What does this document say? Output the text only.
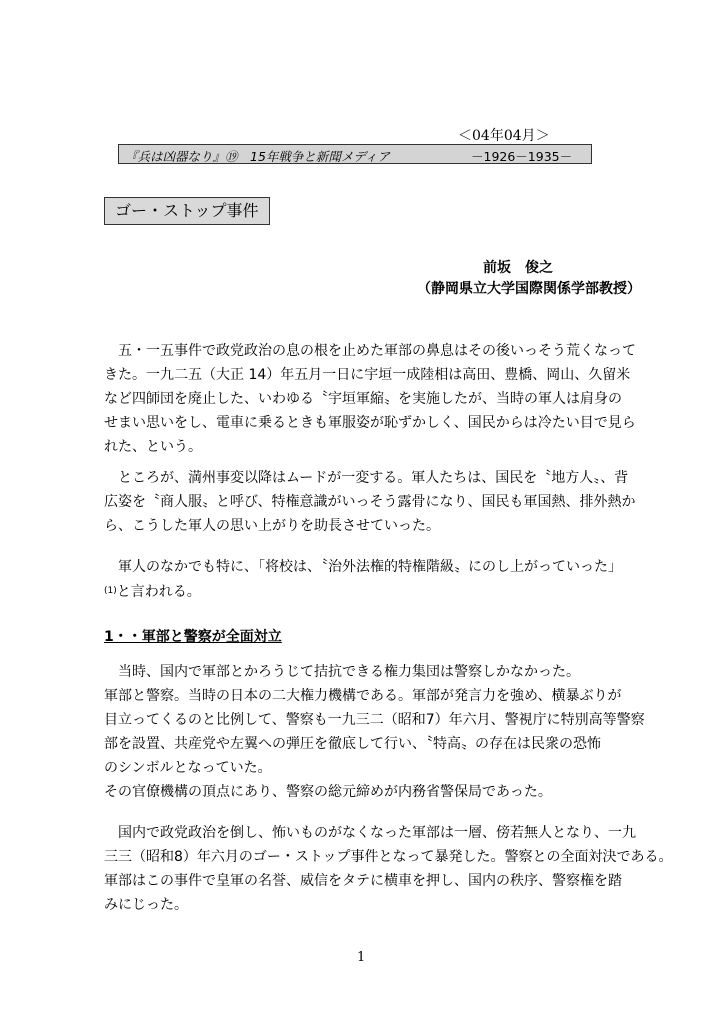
＜04年04月＞
『兵は凶器なり』⑲　15年戦争と新聞メディア	－1926－1935－
ゴー・ストップ事件
前坂　俊之
（静岡県立大学国際関係学部教授）
　五・一五事件で政党政治の息の根を止めた軍部の鼻息はその後いっそう荒くなって
きた。一九二五（大正 14）年五月一日に宇垣一成陸相は高田、豊橋、岡山、久留米
など四師団を廃止した、いわゆる〝宇垣軍縮〟を実施したが、当時の軍人は肩身の
せまい思いをし、電車に乗るときも軍服姿が恥ずかしく、国民からは冷たい目で見ら
れた、という。
　ところが、満州事変以降はムードが一変する。軍人たちは、国民を〝地方人〟、背
広姿を〝商人服〟と呼び、特権意識がいっそう露骨になり、国民も軍国熱、排外熱か
ら、こうした軍人の思い上がりを助長させていった。
　軍人のなかでも特に、「将校は、〝治外法権的特権階級〟にのし上がっていった」
$^{(1)}$と言われる。
1・・軍部と警察が全面対立
　当時、国内で軍部とかろうじて拮抗できる権力集団は警察しかなかった。
軍部と警察。当時の日本の二大権力機構である。軍部が発言力を強め、横暴ぶりが
目立ってくるのと比例して、警察も一九三二（昭和7）年六月、警視庁に特別高等警察
部を設置、共産党や左翼への弾圧を徹底して行い、〝特高〟の存在は民衆の恐怖
のシンボルとなっていた。
その官僚機構の頂点にあり、警察の総元締めが内務省警保局であった。
　国内で政党政治を倒し、怖いものがなくなった軍部は一層、傍若無人となり、一九
三三（昭和8）年六月のゴー・ストップ事件となって暴発した。警察との全面対決である。
軍部はこの事件で皇軍の名誉、威信をタテに横車を押し、国内の秩序、警察権を踏
みにじった。
1
